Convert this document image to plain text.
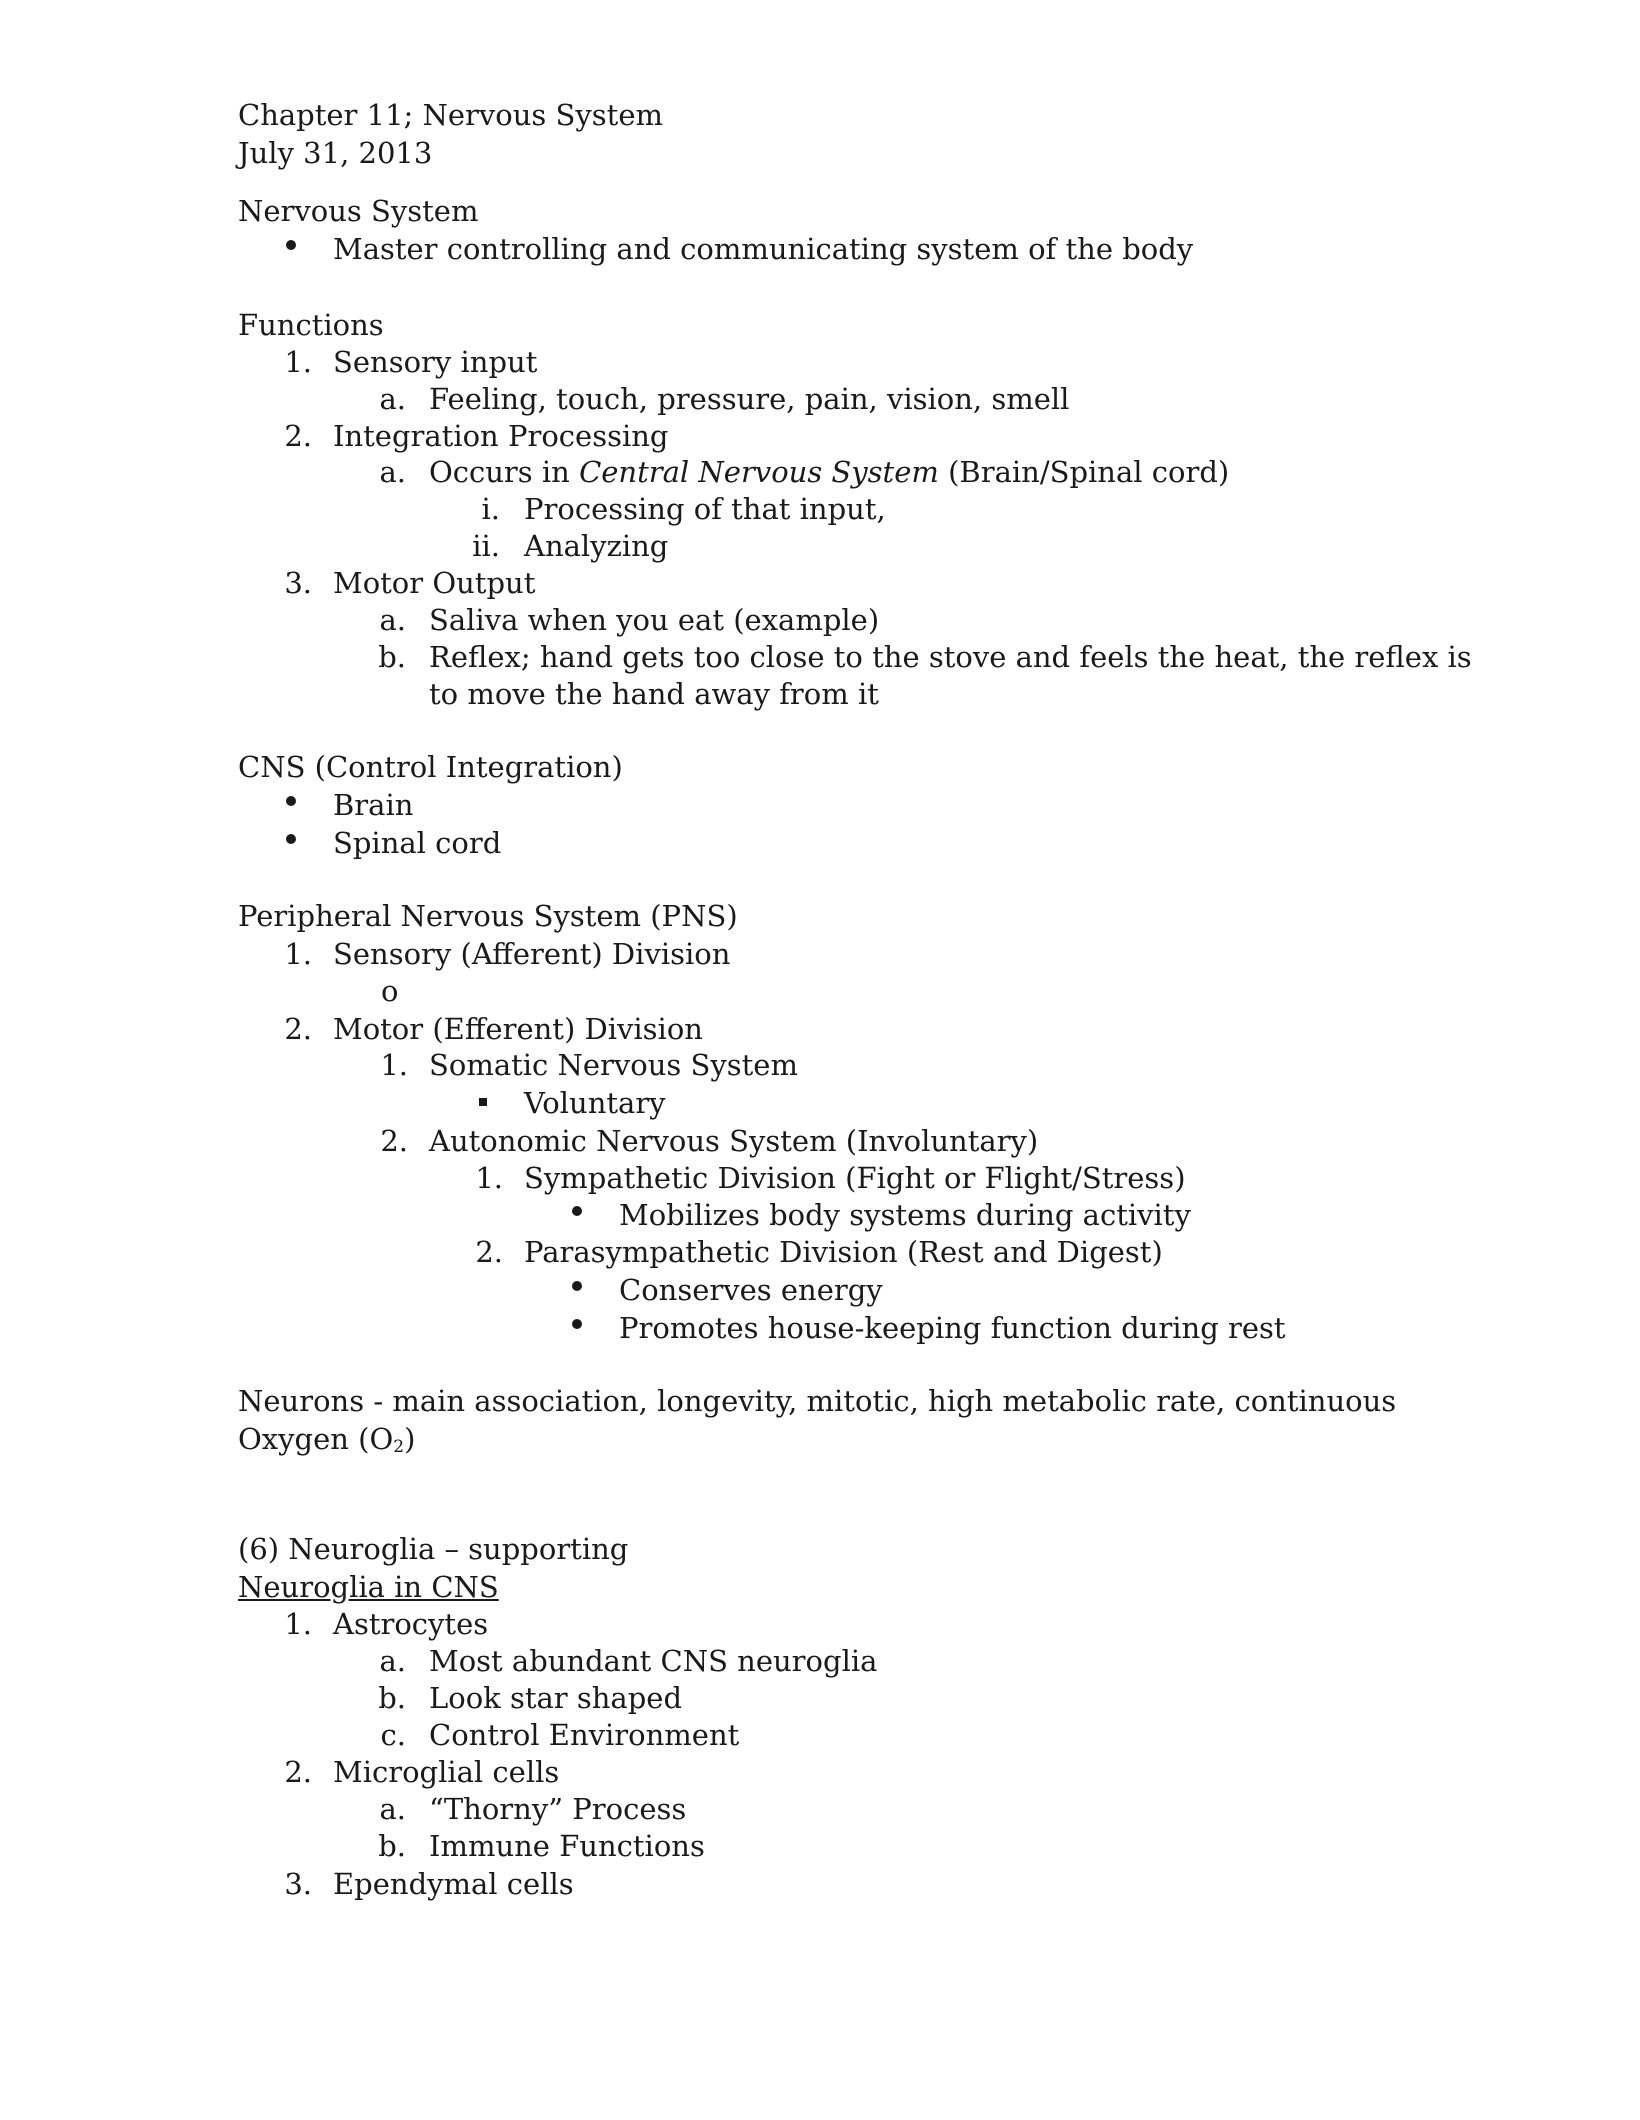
Chapter 11; Nervous System
July 31, 2013
Nervous System
Master controlling and communicating system of the body
Functions
1. Sensory input
a. Feeling, touch, pressure, pain, vision, smell
2. Integration Processing
a. Occurs in Central Nervous System (Brain/Spinal cord)
i. Processing of that input,
ii. Analyzing
3. Motor Output
a. Saliva when you eat (example)
b. Reflex; hand gets too close to the stove and feels the heat, the reflex is
to move the hand away from it
CNS (Control Integration)
Brain
Spinal cord
Peripheral Nervous System (PNS)
1. Sensory (Afferent) Division
o
2. Motor (Efferent) Division
1. Somatic Nervous System
Voluntary
2. Autonomic Nervous System (Involuntary)
1. Sympathetic Division (Fight or Flight/Stress)
Mobilizes body systems during activity
2. Parasympathetic Division (Rest and Digest)
Conserves energy
Promotes house-keeping function during rest
Neurons - main association, longevity, mitotic, high metabolic rate, continuous
Oxygen $(O_2)$
(6) Neuroglia – supporting
Neuroglia in CNS
1. Astrocytes
a. Most abundant CNS neuroglia
b. Look star shaped
c. Control Environment
2. Microglial cells
a. “Thorny” Process
b. Immune Functions
3. Ependymal cells
